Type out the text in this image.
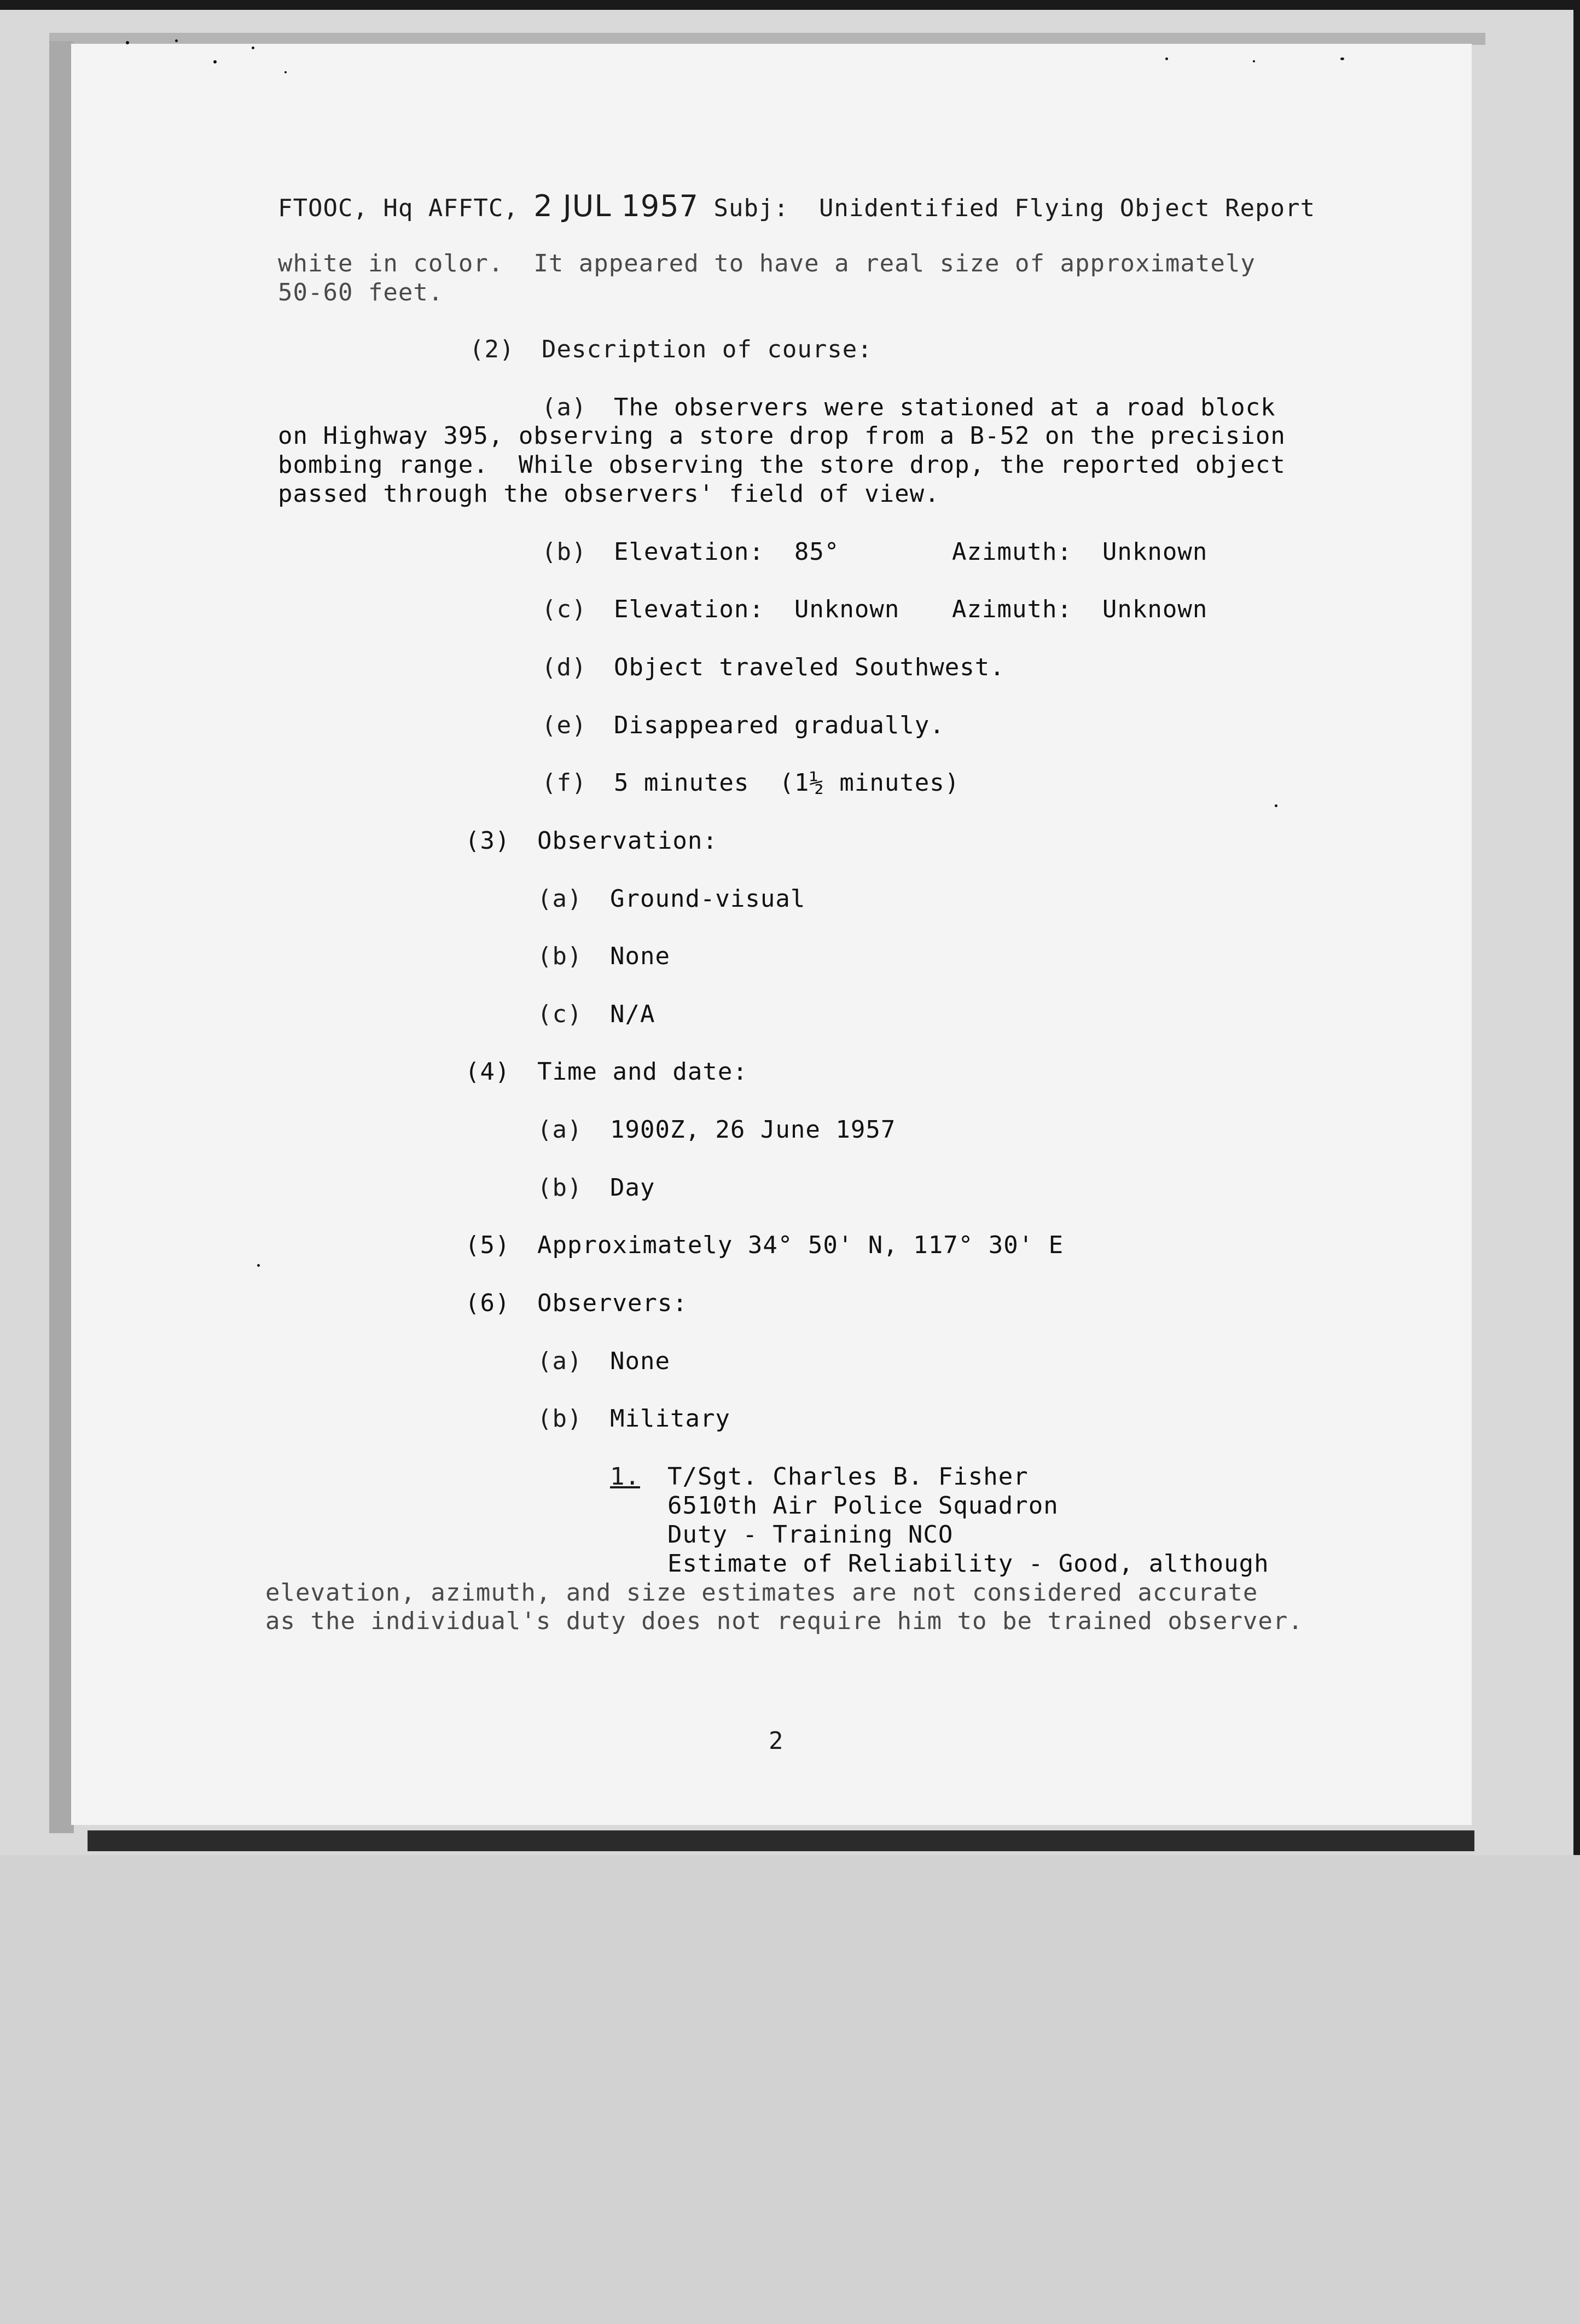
FTOOC, Hq AFFTC, 2 JUL 1957 Subj: Unidentified Flying Object Report
white in color.  It appeared to have a real size of approximately
50-60 feet.
(2) Description of course:
(a) The observers were stationed at a road block
on Highway 395, observing a store drop from a B-52 on the precision
bombing range.  While observing the store drop, the reported object
passed through the observers' field of view.
(b) Elevation:  85°	Azimuth:  Unknown
(c) Elevation:  Unknown Azimuth:  Unknown
(d) Object traveled Southwest.
(e) Disappeared gradually.
(f) 5 minutes  (1½ minutes)
(3) Observation:
(a) Ground-visual
(b) None
(c) N/A
(4) Time and date:
(a) 1900Z, 26 June 1957
(b) Day
(5) Approximately 34° 50' N, 117° 30' E
(6) Observers:
(a) None
(b) Military
1. T/Sgt. Charles B. Fisher
6510th Air Police Squadron
Duty - Training NCO
Estimate of Reliability - Good, although
elevation, azimuth, and size estimates are not considered accurate
as the individual's duty does not require him to be trained observer.
2
